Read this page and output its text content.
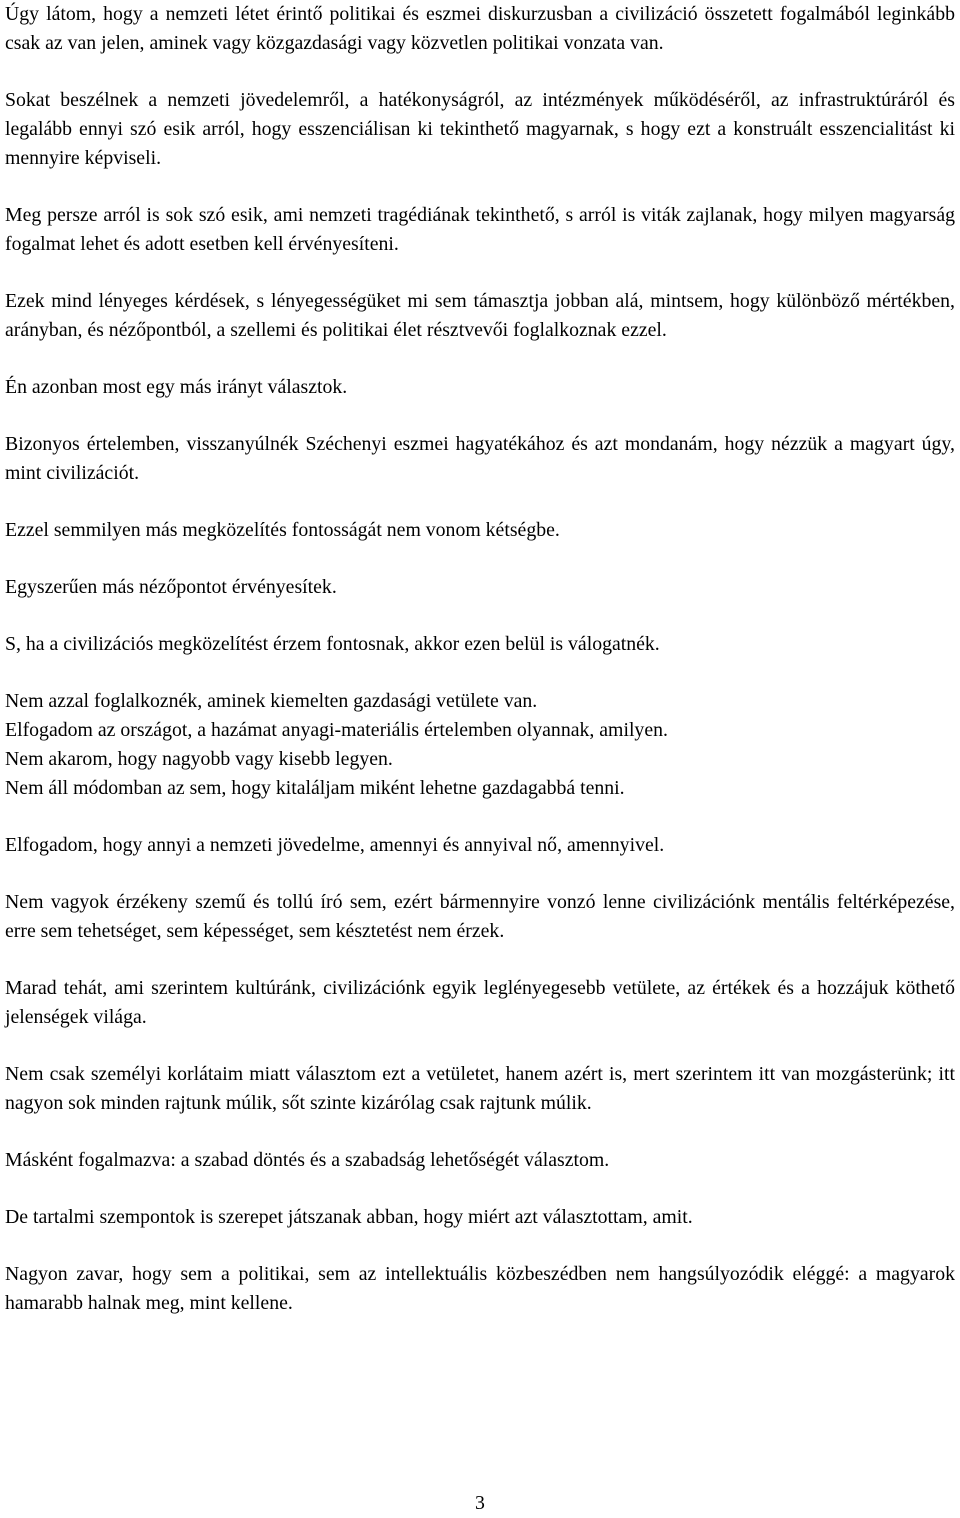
Úgy látom, hogy a nemzeti létet érintő politikai és eszmei diskurzusban a civilizáció összetett fogalmából leginkább csak az van jelen, aminek vagy közgazdasági vagy közvetlen politikai vonzata van.

Sokat beszélnek a nemzeti jövedelemről, a hatékonyságról, az intézmények működéséről, az infrastruktúráról és legalább ennyi szó esik arról, hogy esszenciálisan ki tekinthető magyarnak, s hogy ezt a konstruált esszencialitást ki mennyire képviseli.

Meg persze arról is sok szó esik, ami nemzeti tragédiának tekinthető, s arról is viták zajlanak, hogy milyen magyarság fogalmat lehet és adott esetben kell érvényesíteni.

Ezek mind lényeges kérdések, s lényegességüket mi sem támasztja jobban alá, mintsem, hogy különböző mértékben, arányban, és nézőpontból, a szellemi és politikai élet résztvevői foglalkoznak ezzel.

Én azonban most egy más irányt választok.

Bizonyos értelemben, visszanyúlnék Széchenyi eszmei hagyatékához és azt mondanám, hogy nézzük a magyart úgy, mint civilizációt.

Ezzel semmilyen más megközelítés fontosságát nem vonom kétségbe.

Egyszerűen más nézőpontot érvényesítek.

S, ha a civilizációs megközelítést érzem fontosnak, akkor ezen belül is válogatnék.

Nem azzal foglalkoznék, aminek kiemelten gazdasági vetülete van.

Elfogadom az országot, a hazámat anyagi-materiális értelemben olyannak, amilyen.

Nem akarom, hogy nagyobb vagy kisebb legyen.

Nem áll módomban az sem, hogy kitaláljam miként lehetne gazdagabbá tenni.

Elfogadom, hogy annyi a nemzeti jövedelme, amennyi és annyival nő, amennyivel.

Nem vagyok érzékeny szemű és tollú író sem, ezért bármennyire vonzó lenne civilizációnk mentális feltérképezése, erre sem tehetséget, sem képességet, sem késztetést nem érzek.

Marad tehát, ami szerintem kultúránk, civilizációnk egyik leglényegesebb vetülete, az értékek és a hozzájuk köthető jelenségek világa.

Nem csak személyi korlátaim miatt választom ezt a vetületet, hanem azért is, mert szerintem itt van mozgásterünk; itt nagyon sok minden rajtunk múlik, sőt szinte kizárólag csak rajtunk múlik.

Másként fogalmazva: a szabad döntés és a szabadság lehetőségét választom.

De tartalmi szempontok is szerepet játszanak abban, hogy miért azt választottam, amit.

Nagyon zavar, hogy sem a politikai, sem az intellektuális közbeszédben nem hangsúlyozódik eléggé: a magyarok hamarabb halnak meg, mint kellene.

3
